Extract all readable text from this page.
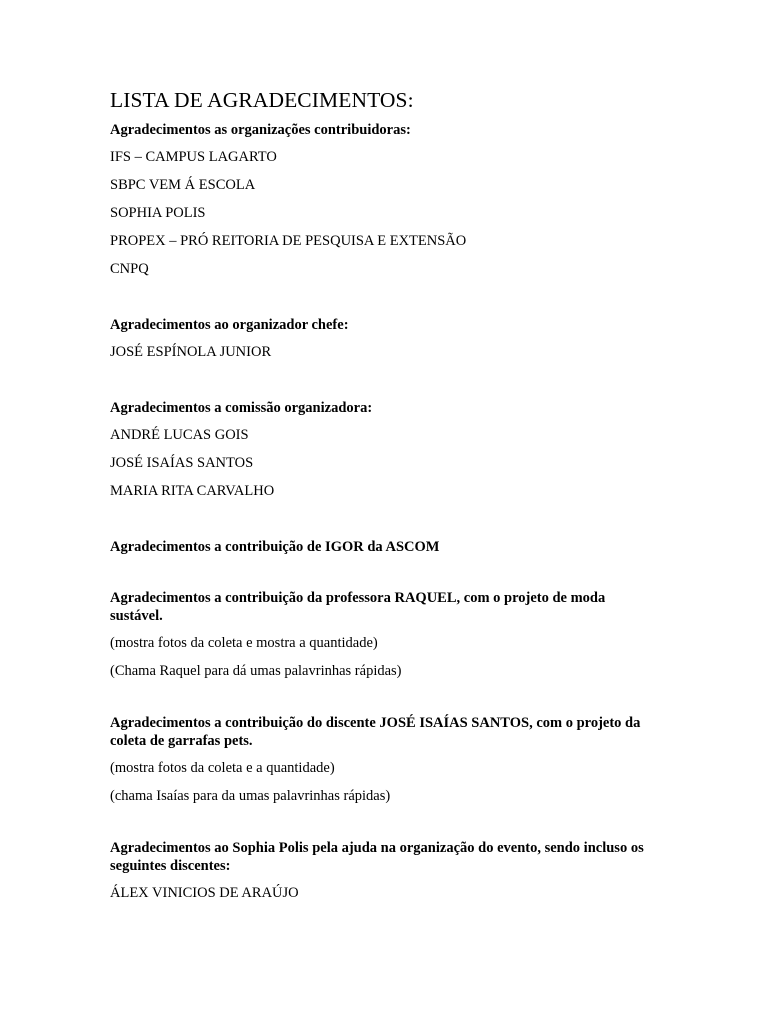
LISTA DE AGRADECIMENTOS:

Agradecimentos as organizações contribuidoras:

IFS – CAMPUS LAGARTO

SBPC VEM Á ESCOLA

SOPHIA POLIS

PROPEX – PRÓ REITORIA DE PESQUISA E EXTENSÃO

CNPQ

Agradecimentos ao organizador chefe:

JOSÉ ESPÍNOLA JUNIOR

Agradecimentos a comissão organizadora:

ANDRÉ LUCAS GOIS

JOSÉ ISAÍAS SANTOS

MARIA RITA CARVALHO

Agradecimentos a contribuição de IGOR da ASCOM

Agradecimentos a contribuição da professora RAQUEL, com o projeto de moda sustável.

(mostra fotos da coleta e mostra a quantidade)

(Chama Raquel para dá umas palavrinhas rápidas)

Agradecimentos a contribuição do discente JOSÉ ISAÍAS SANTOS, com o projeto da coleta de garrafas pets.

(mostra fotos da coleta e a quantidade)

(chama Isaías para da umas palavrinhas rápidas)

Agradecimentos ao Sophia Polis pela ajuda na organização do evento, sendo incluso os seguintes discentes:

ÁLEX VINICIOS DE ARAÚJO
